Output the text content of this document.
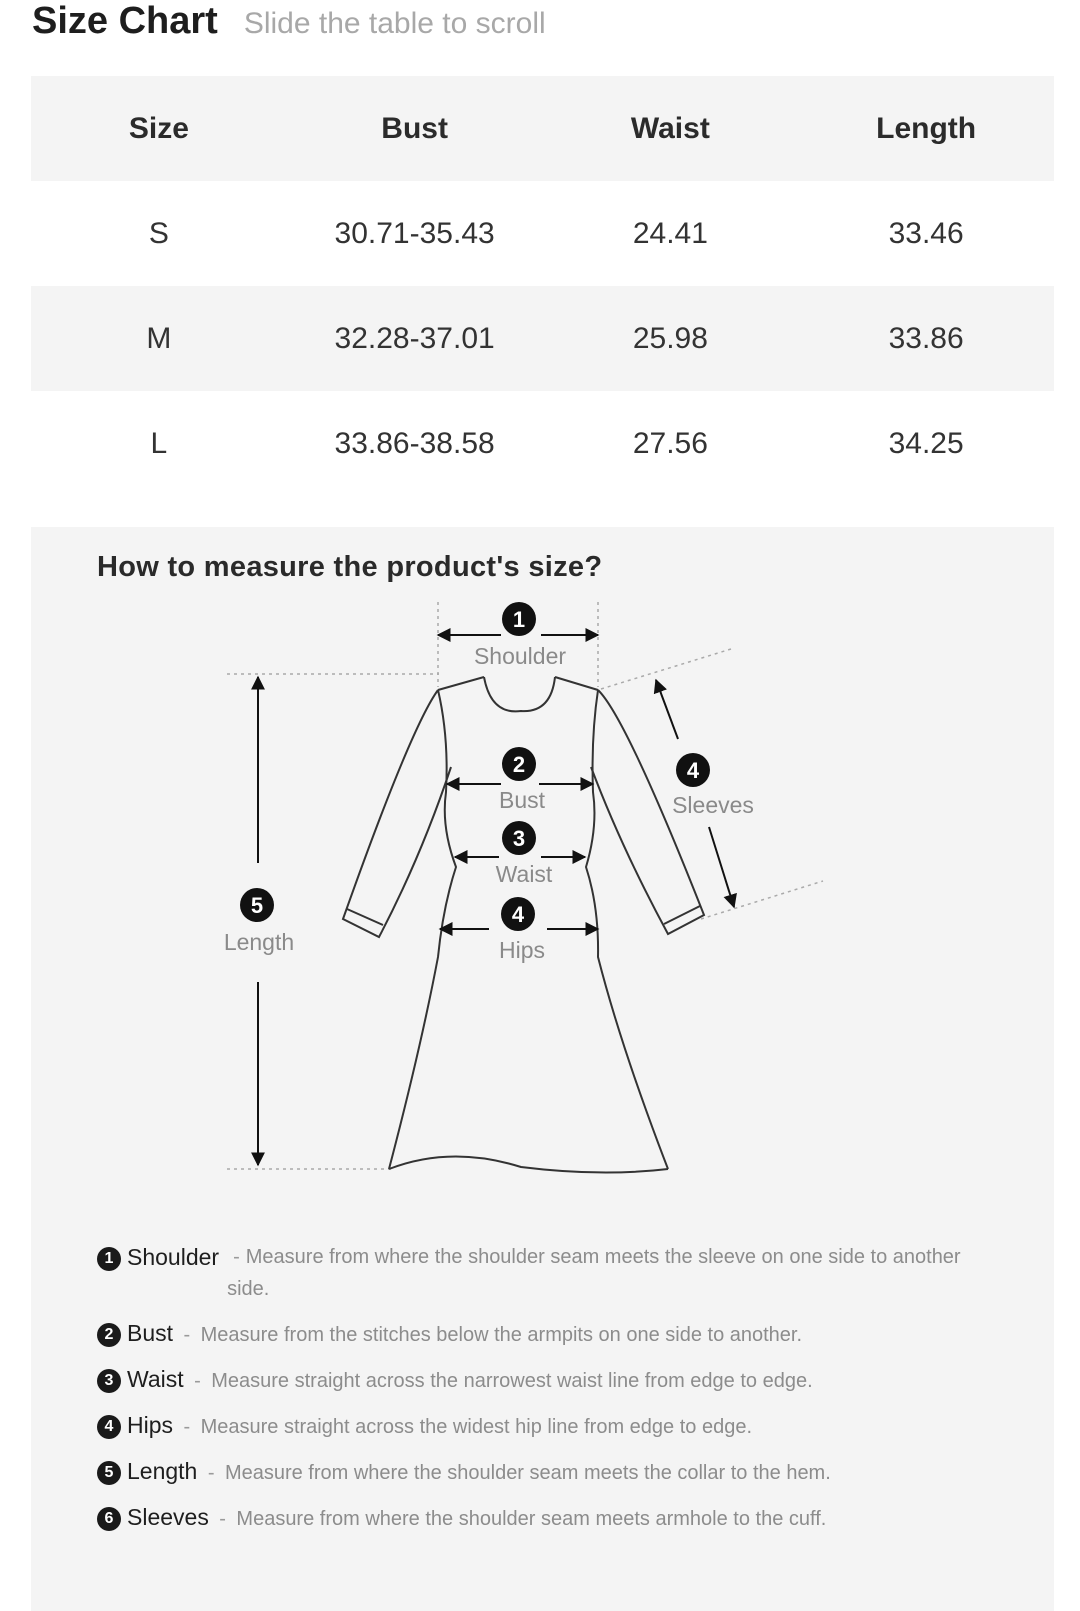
Size Chart Slide the table to scroll
Size	Bust	Waist	Length
S	30.71-35.43	24.41	33.46
M	32.28-37.01	25.98	33.86
L	33.86-38.58	27.56	34.25
How to measure the product's size?
1
Shoulder
2
Bust
3
Waist
4
Hips
4
Sleeves
5
Length
1 Shoulder - Measure from where the shoulder seam meets the sleeve on one side to another side.
2 Bust - Measure from the stitches below the armpits on one side to another.
3 Waist - Measure straight across the narrowest waist line from edge to edge.
4 Hips - Measure straight across the widest hip line from edge to edge.
5 Length - Measure from where the shoulder seam meets the collar to the hem.
6 Sleeves - Measure from where the shoulder seam meets armhole to the cuff.
